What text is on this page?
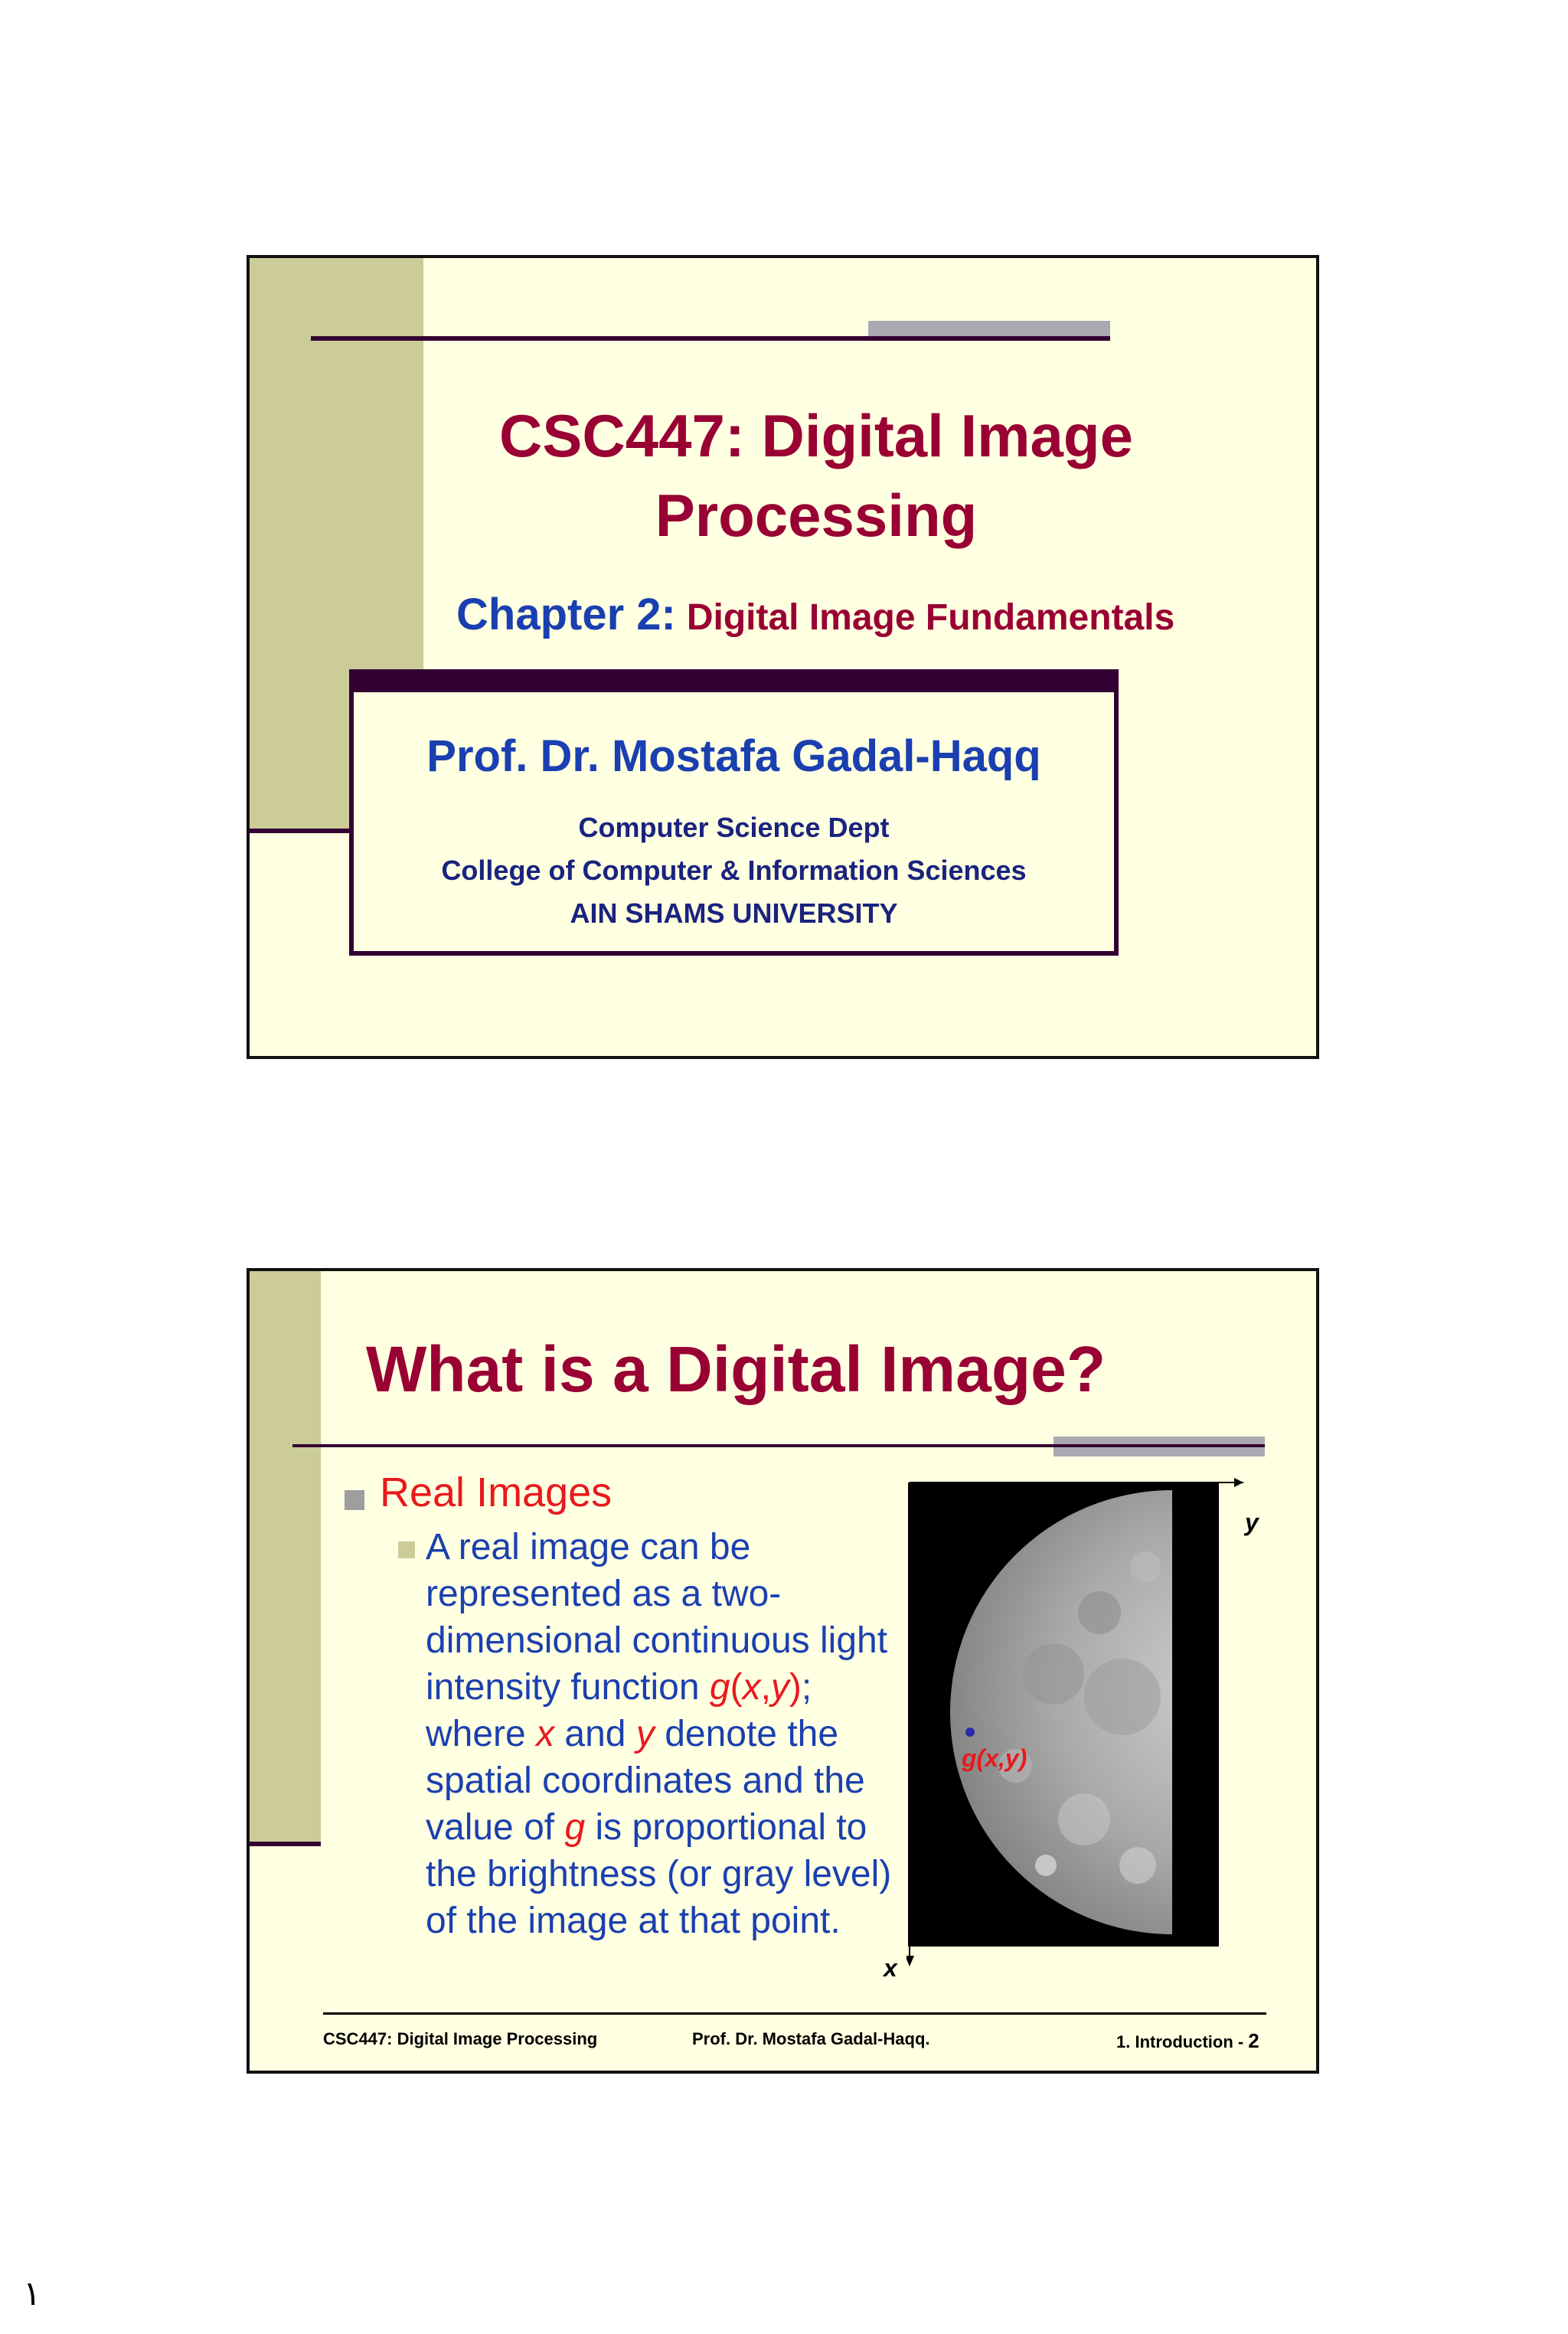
CSC447: Digital Image Processing
Chapter 2: Digital Image Fundamentals
Prof. Dr. Mostafa Gadal-Haqq
Computer Science Dept
College of Computer & Information Sciences
AIN SHAMS UNIVERSITY
What is a Digital Image?
Real Images
A real image can be represented as a two-dimensional continuous light intensity function g(x,y); where x and y denote the spatial coordinates and the value of g is proportional to the brightness (or gray level) of the image at that point.
y
x
g(x,y)
CSC447: Digital Image Processing	Prof. Dr. Mostafa Gadal-Haqq.	1. Introduction - 2
١
